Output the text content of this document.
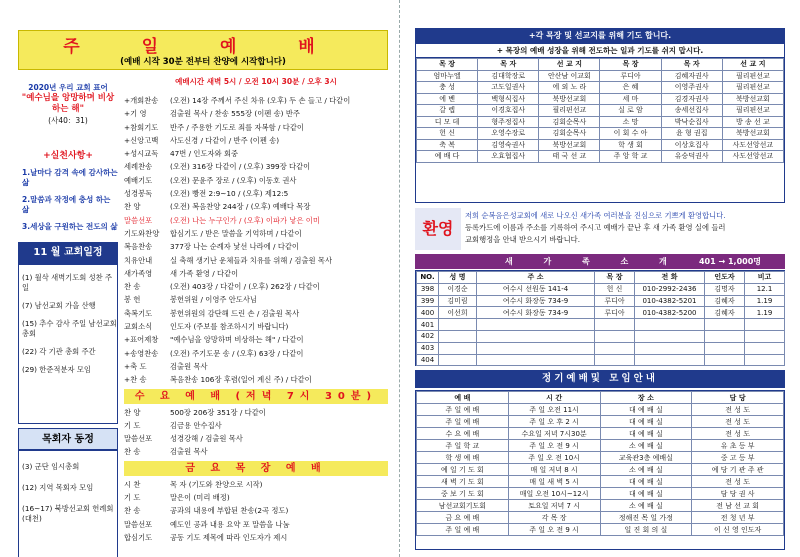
주 일 예 배
(예배 시작 30분 전부터 찬양에 시작합니다)
2020년 우리 교회 표어
"예수님을 앙망하며 비상하는 해"
(사40：31)
+실천사항+
1.날마다 감격 속에 감사하는 삶
2.말씀과 작정에 충성 하는 삶
3.세상을 구원하는 전도의 삶
11 월 교회일정
(1) 월삭 새벽기도회 성찬 주일
(7) 남선교회 가을 산행
(15) 추수 감사 주일 남선교회 총회
(22) 각 기관 총회 주간
(29) 한준적분자 모임
목회자 동정
(3) 군단 임시총회
(12) 지역 목회자 모임
(16~17) 북방선교회 헌례회(대천)
예배시간 새벽 5시 / 오전 10시 30분 / 오후 3시
+개회찬송	(오전) 14장 주께서 주신 차유 (오후) 두 손 들고 / 다같이
+기 영	검출원 목사 / 찬송 555장 (이펜 송) 반주
+참회기도	반주 / 주용한 기도로 죄를 자복함 / 다같이
+신앙고백	사도신경 / 다같이 / 반주 (이펜 송)
+성시교독	47번 / 인도자와 회중
세례찬송	(오전) 316장 다같이 / (오후) 399장 다같이
예배기도	(오전) 문윤주 장로 / (오후) 이동호 권사
성경봉독	(오전) 빵전 2:9~10 / (오후) 제12:5
찬 양	(오전) 복음찬양 244장 / (오후) 예배다 목장
말씀선포	(오전) 나는 누구인가 / (오후) 이파가 낳은 이미
기도와찬양	합심기도 / 받은 말씀을 기억하며 / 다같이
복음찬송	377장 나는 순례자 낯선 나라에 / 다같이
치유안내	실 축해 생기난 운체들과 치유를 위해 / 검출원 목사
새가족영	새 가족 환영 / 다같이
찬 송	(오전) 403장 / 다같이 / (오후) 262장 / 다같이
봉 헌	봉헌위원 / 이영주 안도사님
축복기도	봉헌위원의 감단해 드린 손 / 검출원 목사
교회소식	인도자 (주보를 참조하시기 바랍니다)
+표어제창	"예수님을 앙망하며 비상하는 해" / 다같이
+송영찬송	(오전) 주기도문 송 / (오후) 63장 / 다같이
+축 도	검출원 목사
+찬 송	복음찬송 106장 후렴(일어 계신 주) / 다같이
수 요 예 배 (저녁 7시 30분)
찬 양	500장 206장 351장 / 다같이
기 도	김금용 안수집사
말씀선포	성경강해 / 검출원 목사
찬 송	검출원 목사
금 요 목 장 예 배
시 찬	목 자 (기도와 찬양으로 시작)
기 도	말은이 (미리 배정)
찬 송	공과의 내용에 부합된 찬송(2곡 정도)
말씀선포	예도인 공과 내용 요약 포 말씀을 나눔
합심기도	공동 기도 제목에 따라 인도자가 제시
+각 목장 및 선교지를 위해 기도 합니다.
+ 목장의 예배 성장을 위해 전도하는 일과 기도를 쉬지 맙시다.
목 장	목 자	선 교 지	목 장	목 자	선 교 지
엄마누엘	김대학장로	안산남 이교회	루디아	김혜자권사	필리핀선교
충 성	고도일권사	에 외 노 라	은 혜	이영주권사	필리핀선교
에 벤	백형식집사	북방선교회	세 마	김경자권사	북방선교회
갈 렙	이경호집사	필리핀선교	실 로 암	송세선집사	필리핀선교
디 모 데	형주정집사	김회순목사	소 망	박낙순집사	방 송 선 교
헌 신	오영수장로	김회순목사	이 회 수 아	윤 형 권집	북방선교회
축 복	김영숙권사	북방선교회	학 생 회	이상호집사	사도선앙선교
예 배 다	오효협집사	태 국 선 교	주 앙 학 교	유승덕권사	사도선앙선교
환영
저희 순복음은성교회에 새로 나오신 새가족 여러분을 진심으로 기쁘게 환영합니다.
등록카드에 이름과 주소를 기록하여 주시고 예배가 끝난 후 새 가족 환영 실에 들러
교회행정을 안내 받으시기 바랍니다.
새 가 족 소 개 401 → 1,000명
NO.	성 명	주 소	목 장	전 화	인도자	비고
398	이경순	여수시 선원동 141-4	헌 신	010-2992-2436	김명자	12.1
399	김미림	여수시 화장동 734-9	루디아	010-4382-5201	김혜자	1.19
400	이선희	여수시 화장동 734-9	루디아	010-4382-5200	김혜자	1.19
401						
402						
403						
404						
정기예배및 모임안내
예 배	시 간	장 소	담 당
주 일 예 배	주 일 오전 11시	대 예 배 실	전 성 도
주 일 예 배	주 일 오 후 2 시	대 예 배 실	전 성 도
수 요 예 배	수요일 저녁 7시30분	대 예 배 실	전 성 도
주 일 학 교	주 일 오 전 9 시	소 예 배 실	유 초 등 부
학 생 예 배	주 일 오 전 10시	교육관3층 예배실	중 고 등 부
예 일 기 도 회	매 일 저녁 8 시	소 예 배 실	예 당 기 관 주 관
새 벽 기 도 회	매 일 새 벽 5 시	대 예 배 실	전 성 도
중 보 기 도 회	매일 오전 10시~12시	대 예 배 실	담 당 권 사
남선교회기도회	토요일 저녁 7 시	소 예 배 실	전 남 선 교 회
금 요 예 배	각 목 장	정해진 목 일 가정	전 청 년 부
주 일 예 배	주 일 오 전 9 시	일 진 회 의 실	이 신 영 인도자
